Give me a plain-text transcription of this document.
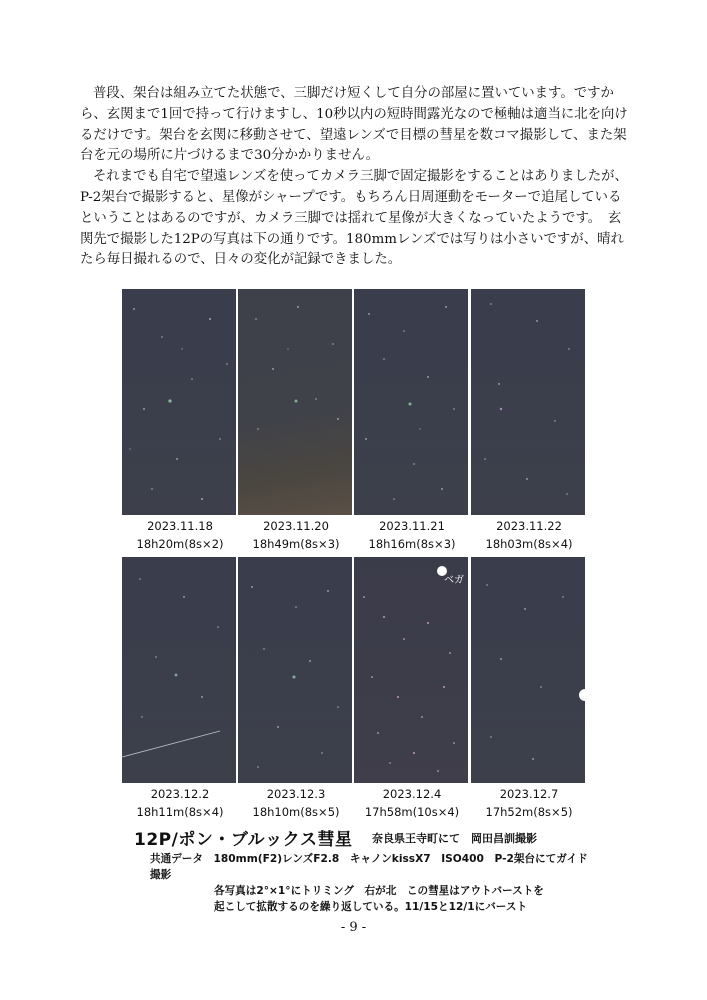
普段、架台は組み立てた状態で、三脚だけ短くして自分の部屋に置いています。ですから、玄関まで1回で持って行けますし、10秒以内の短時間露光なので極軸は適当に北を向けるだけです。架台を玄関に移動させて、望遠レンズで目標の彗星を数コマ撮影して、また架台を元の場所に片づけるまで30分かかりません。

それまでも自宅で望遠レンズを使ってカメラ三脚で固定撮影をすることはありましたが、P-2架台で撮影すると、星像がシャープです。もちろん日周運動をモーターで追尾しているということはあるのですが、カメラ三脚では揺れて星像が大きくなっていたようです。　玄関先で撮影した12Pの写真は下の通りです。180mmレンズでは写りは小さいですが、晴れたら毎日撮れるので、日々の変化が記録できました。

2023.11.18
18h20m(8s×2)
2023.11.20
18h49m(8s×3)
2023.11.21
18h16m(8s×3)
2023.11.22
18h03m(8s×4)
ベガ
2023.12.2
18h11m(8s×4)
2023.12.3
18h10m(8s×5)
2023.12.4
17h58m(10s×4)
2023.12.7
17h52m(8s×5)
12P/ポン・ブルックス彗星 奈良県王寺町にて　岡田昌訓撮影
共通データ　180mm(F2)レンズF2.8　キャノンkissX7　ISO400　P-2架台にてガイド撮影
各写真は2°×1°にトリミング　右が北　この彗星はアウトバーストを
起こして拡散するのを繰り返している。11/15と12/1にバースト
- 9 -
